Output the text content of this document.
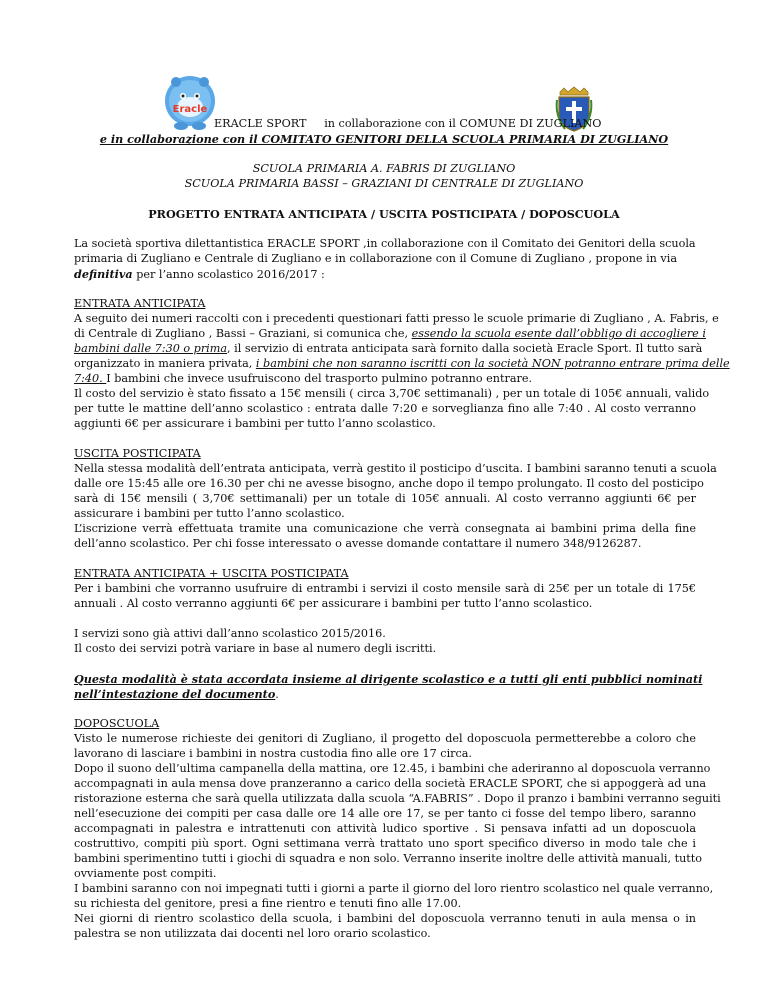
Eracle
ERACLE SPORT in collaborazione con il COMUNE DI ZUGLIANO
e in collaborazione con il COMITATO GENITORI DELLA SCUOLA PRIMARIA DI ZUGLIANO
SCUOLA PRIMARIA A. FABRIS DI ZUGLIANO
SCUOLA PRIMARIA BASSI – GRAZIANI DI CENTRALE DI ZUGLIANO
PROGETTO ENTRATA ANTICIPATA / USCITA POSTICIPATA / DOPOSCUOLA
La società sportiva dilettantistica ERACLE SPORT ,in collaborazione con il Comitato dei Genitori della scuola
primaria di Zugliano e Centrale di Zugliano e in collaborazione con il Comune di Zugliano , propone in via
definitiva per l’anno scolastico 2016/2017 :
ENTRATA ANTICIPATA
A seguito dei numeri raccolti con i precedenti questionari fatti presso le scuole primarie di Zugliano , A. Fabris, e
di Centrale di Zugliano , Bassi – Graziani, si comunica che, essendo la scuola esente dall’obbligo di accogliere i
bambini dalle 7:30 o prima, il servizio di entrata anticipata sarà fornito dalla società Eracle Sport. Il tutto sarà
organizzato in maniera privata, i bambini che non saranno iscritti con la società NON potranno entrare prima delle
7:40. I bambini che invece usufruiscono del trasporto pulmino potranno entrare.
Il costo del servizio è stato fissato a 15€ mensili ( circa 3,70€ settimanali) , per un totale di 105€ annuali, valido
per tutte le mattine dell’anno scolastico : entrata dalle 7:20 e sorveglianza fino alle 7:40 . Al costo verranno
aggiunti 6€ per assicurare i bambini per tutto l’anno scolastico.
USCITA POSTICIPATA
Nella stessa modalità dell’entrata anticipata, verrà gestito il posticipo d’uscita. I bambini saranno tenuti a scuola
dalle ore 15:45 alle ore 16.30 per chi ne avesse bisogno, anche dopo il tempo prolungato. Il costo del posticipo
sarà di 15€ mensili ( 3,70€ settimanali) per un totale di 105€ annuali. Al costo verranno aggiunti 6€ per
assicurare i bambini per tutto l’anno scolastico.
L’iscrizione verrà effettuata tramite una comunicazione che verrà consegnata ai bambini prima della fine
dell’anno scolastico. Per chi fosse interessato o avesse domande contattare il numero 348/9126287.
ENTRATA ANTICIPATA + USCITA POSTICIPATA
Per i bambini che vorranno usufruire di entrambi i servizi il costo mensile sarà di 25€ per un totale di 175€
annuali . Al costo verranno aggiunti 6€ per assicurare i bambini per tutto l’anno scolastico.
I servizi sono già attivi dall’anno scolastico 2015/2016.
Il costo dei servizi potrà variare in base al numero degli iscritti.
Questa modalità è stata accordata insieme al dirigente scolastico e a tutti gli enti pubblici nominati
nell’intestazione del documento.
DOPOSCUOLA
Visto le numerose richieste dei genitori di Zugliano, il progetto del doposcuola permetterebbe a coloro che
lavorano di lasciare i bambini in nostra custodia fino alle ore 17 circa.
Dopo il suono dell’ultima campanella della mattina, ore 12.45, i bambini che aderiranno al doposcuola verranno
accompagnati in aula mensa dove pranzeranno a carico della società ERACLE SPORT, che si appoggerà ad una
ristorazione esterna che sarà quella utilizzata dalla scuola “A.FABRIS” . Dopo il pranzo i bambini verranno seguiti
nell’esecuzione dei compiti per casa dalle ore 14 alle ore 17, se per tanto ci fosse del tempo libero, saranno
accompagnati in palestra e intrattenuti con attività ludico sportive . Si pensava infatti ad un doposcuola
costruttivo, compiti più sport. Ogni settimana verrà trattato uno sport specifico diverso in modo tale che i
bambini sperimentino tutti i giochi di squadra e non solo. Verranno inserite inoltre delle attività manuali, tutto
ovviamente post compiti.
I bambini saranno con noi impegnati tutti i giorni a parte il giorno del loro rientro scolastico nel quale verranno,
su richiesta del genitore, presi a fine rientro e tenuti fino alle 17.00.
Nei giorni di rientro scolastico della scuola, i bambini del doposcuola verranno tenuti in aula mensa o in
palestra se non utilizzata dai docenti nel loro orario scolastico.
